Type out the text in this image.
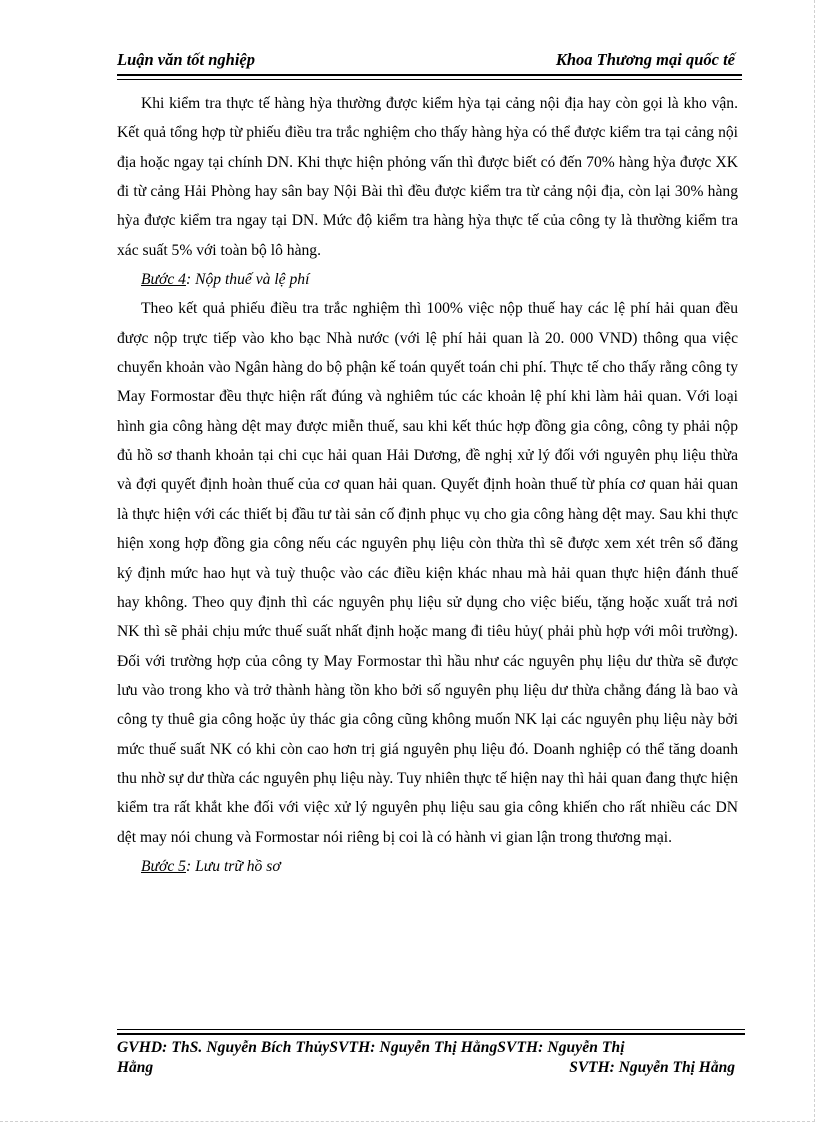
Luận văn tốt nghiệp	Khoa Thương mại quốc tế

Khi kiểm tra thực tế hàng hỳa thường được kiểm hỳa tại cảng nội địa hay còn gọi là kho vận. Kết quả tổng hợp từ phiếu điều tra trắc nghiệm cho thấy hàng hỳa có thể được kiểm tra tại cảng nội địa hoặc ngay tại chính DN. Khi thực hiện phỏng vấn thì được biết có đến 70% hàng hỳa được XK đi từ cảng Hải Phòng hay sân bay Nội Bài thì đều được kiểm tra từ cảng nội địa, còn lại 30% hàng hỳa được kiểm tra ngay tại DN. Mức độ kiểm tra hàng hỳa thực tế của công ty là thường kiểm tra xác suất 5% với toàn bộ lô hàng.

Bước 4: Nộp thuế và lệ phí

Theo kết quả phiếu điều tra trắc nghiệm thì 100% việc nộp thuế hay các lệ phí hải quan đều được nộp trực tiếp vào kho bạc Nhà nước (với lệ phí hải quan là 20. 000 VND) thông qua việc chuyển khoản vào Ngân hàng do bộ phận kế toán quyết toán chi phí. Thực tế cho thấy rằng công ty May Formostar đều thực hiện rất đúng và nghiêm túc các khoản lệ phí khi làm hải quan. Với loại hình gia công hàng dệt may được miễn thuế, sau khi kết thúc hợp đồng gia công, công ty phải nộp đủ hồ sơ thanh khoản tại chi cục hải quan Hải Dương, đề nghị xử lý đối với nguyên phụ liệu thừa và đợi quyết định hoàn thuế của cơ quan hải quan. Quyết định hoàn thuế từ phía cơ quan hải quan là thực hiện với các thiết bị đầu tư tài sản cố định phục vụ cho gia công hàng dệt may. Sau khi thực hiện xong hợp đồng gia công nếu các nguyên phụ liệu còn thừa thì sẽ được xem xét trên sổ đăng ký định mức hao hụt và tuỳ thuộc vào các điều kiện khác nhau mà hải quan thực hiện đánh thuế hay không. Theo quy định thì các nguyên phụ liệu sử dụng cho việc biếu, tặng hoặc xuất trả nơi NK thì sẽ phải chịu mức thuế suất nhất định hoặc mang đi tiêu hủy( phải phù hợp với môi trường). Đối với trường hợp của công ty May Formostar thì hầu như các nguyên phụ liệu dư thừa sẽ được lưu vào trong kho và trở thành hàng tồn kho bởi số nguyên phụ liệu dư thừa chẳng đáng là bao và công ty thuê gia công hoặc ủy thác gia công cũng không muốn NK lại các nguyên phụ liệu này bởi mức thuế suất NK có khi còn cao hơn trị giá nguyên phụ liệu đó. Doanh nghiệp có thể tăng doanh thu nhờ sự dư thừa các nguyên phụ liệu này. Tuy nhiên thực tế hiện nay thì hải quan đang thực hiện kiểm tra rất khắt khe đối với việc xử lý nguyên phụ liệu sau gia công khiến cho rất nhiều các DN dệt may nói chung và Formostar nói riêng bị coi là có hành vi gian lận trong thương mại.

Bước 5: Lưu trữ hồ sơ

GVHD: ThS. Nguyễn Bích ThủySVTH: Nguyễn Thị HằngSVTH: Nguyễn Thị
Hằng	SVTH: Nguyễn Thị Hằng
